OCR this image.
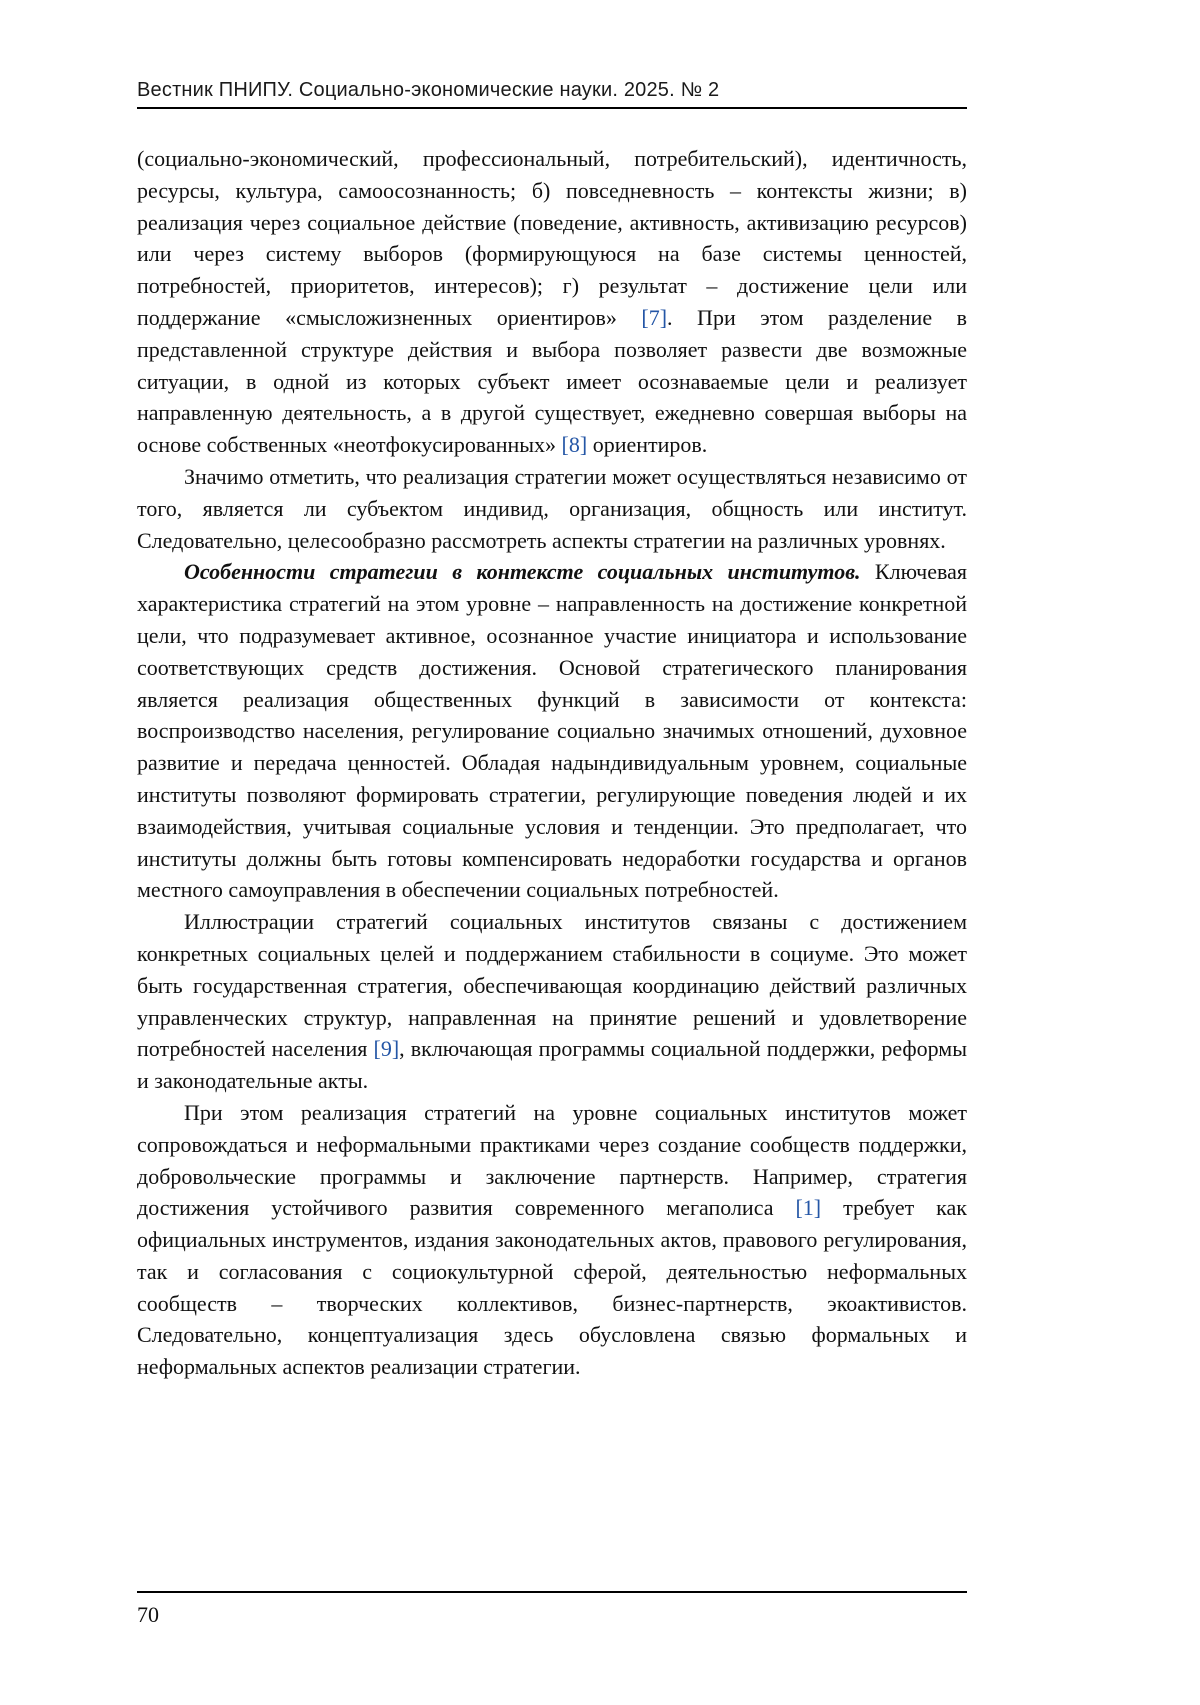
Вестник ПНИПУ. Социально-экономические науки. 2025. № 2

(социально-экономический, профессиональный, потребительский), идентичность, ресурсы, культура, самоосознанность; б) повседневность – контексты жизни; в) реализация через социальное действие (поведение, активность, активизацию ресурсов) или через систему выборов (формирующуюся на базе системы ценностей, потребностей, приоритетов, интересов); г) результат – достижение цели или поддержание «смысложизненных ориентиров» [7]. При этом разделение в представленной структуре действия и выбора позволяет развести две возможные ситуации, в одной из которых субъект имеет осознаваемые цели и реализует направленную деятельность, а в другой существует, ежедневно совершая выборы на основе собственных «неотфокусированных» [8] ориентиров.

Значимо отметить, что реализация стратегии может осуществляться независимо от того, является ли субъектом индивид, организация, общность или институт. Следовательно, целесообразно рассмотреть аспекты стратегии на различных уровнях.

Особенности стратегии в контексте социальных институтов. Ключевая характеристика стратегий на этом уровне – направленность на достижение конкретной цели, что подразумевает активное, осознанное участие инициатора и использование соответствующих средств достижения. Основой стратегического планирования является реализация общественных функций в зависимости от контекста: воспроизводство населения, регулирование социально значимых отношений, духовное развитие и передача ценностей. Обладая надындивидуальным уровнем, социальные институты позволяют формировать стратегии, регулирующие поведения людей и их взаимодействия, учитывая социальные условия и тенденции. Это предполагает, что институты должны быть готовы компенсировать недоработки государства и органов местного самоуправления в обеспечении социальных потребностей.

Иллюстрации стратегий социальных институтов связаны с достижением конкретных социальных целей и поддержанием стабильности в социуме. Это может быть государственная стратегия, обеспечивающая координацию действий различных управленческих структур, направленная на принятие решений и удовлетворение потребностей населения [9], включающая программы социальной поддержки, реформы и законодательные акты.

При этом реализация стратегий на уровне социальных институтов может сопровождаться и неформальными практиками через создание сообществ поддержки, добровольческие программы и заключение партнерств. Например, стратегия достижения устойчивого развития современного мегаполиса [1] требует как официальных инструментов, издания законодательных актов, правового регулирования, так и согласования с социокультурной сферой, деятельностью неформальных сообществ – творческих коллективов, бизнес-партнерств, экоактивистов. Следовательно, концептуализация здесь обусловлена связью формальных и неформальных аспектов реализации стратегии.

70
